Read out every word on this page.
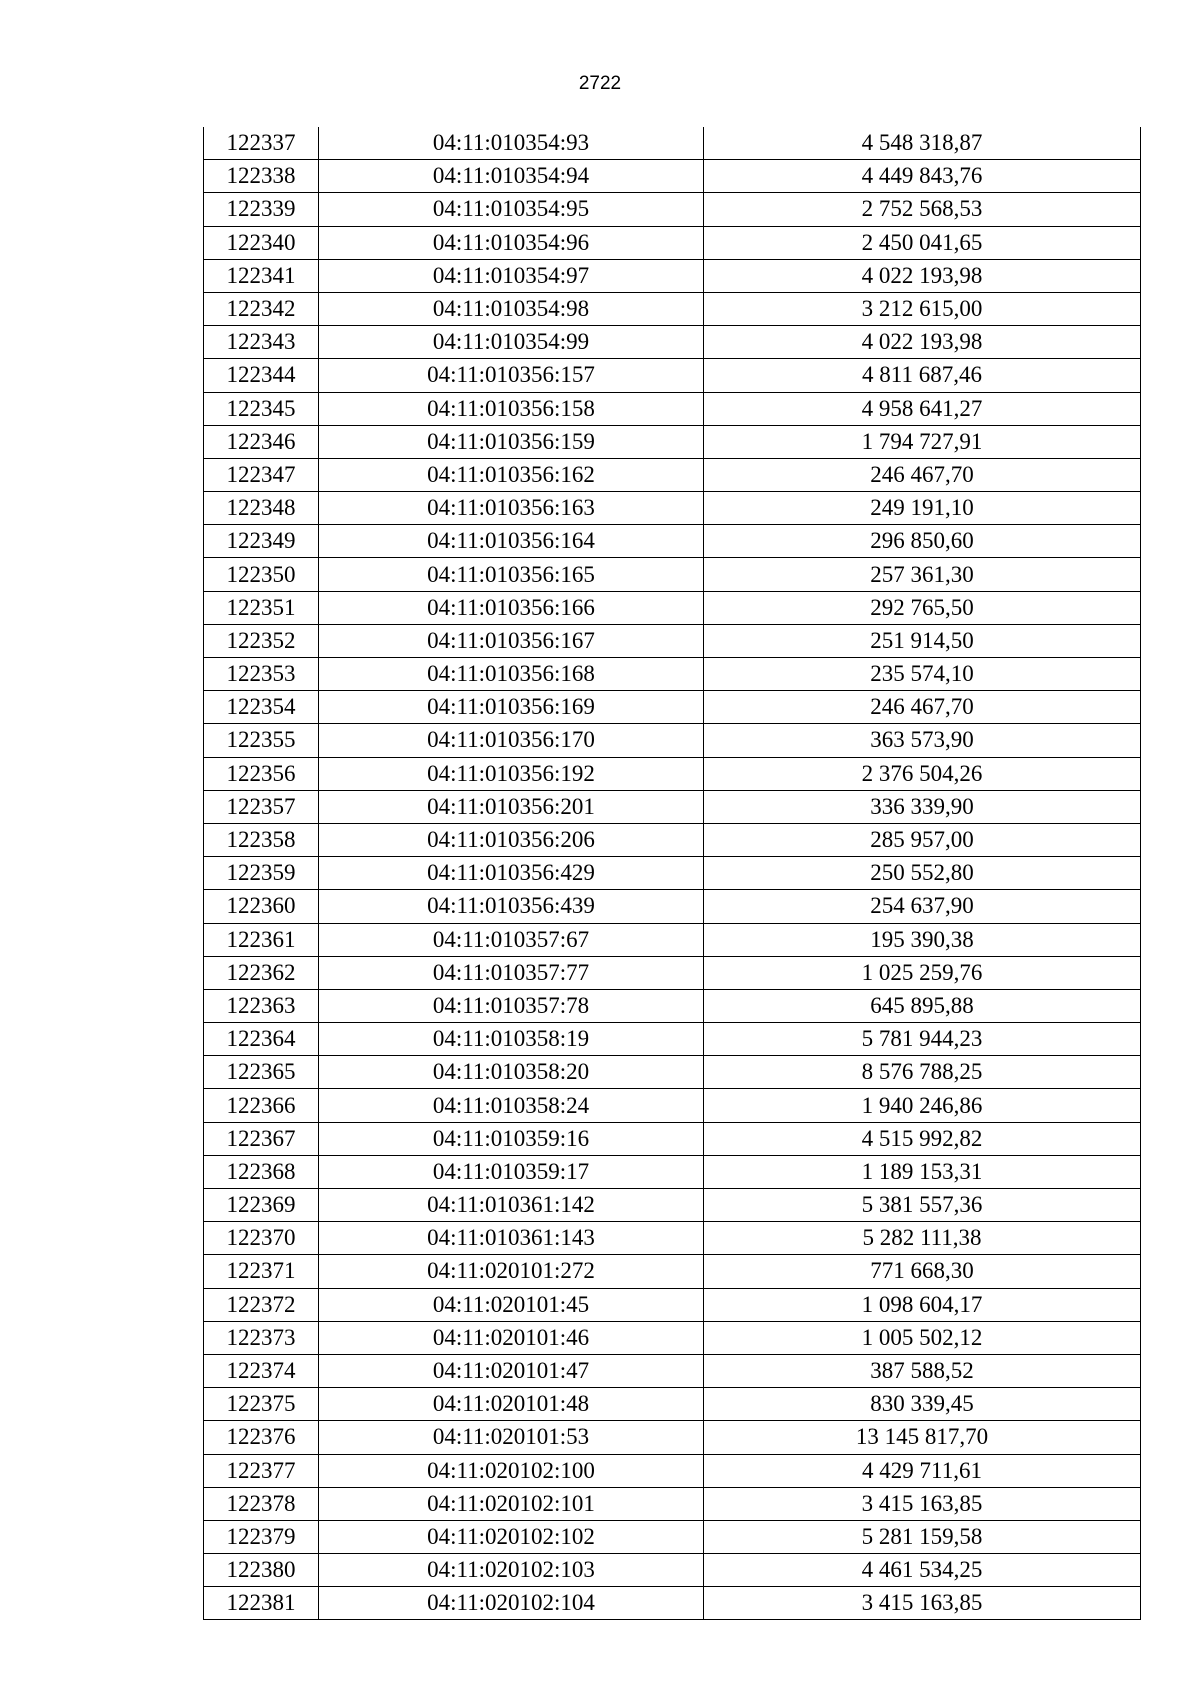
2722
122337	04:11:010354:93	4 548 318,87
122338	04:11:010354:94	4 449 843,76
122339	04:11:010354:95	2 752 568,53
122340	04:11:010354:96	2 450 041,65
122341	04:11:010354:97	4 022 193,98
122342	04:11:010354:98	3 212 615,00
122343	04:11:010354:99	4 022 193,98
122344	04:11:010356:157	4 811 687,46
122345	04:11:010356:158	4 958 641,27
122346	04:11:010356:159	1 794 727,91
122347	04:11:010356:162	246 467,70
122348	04:11:010356:163	249 191,10
122349	04:11:010356:164	296 850,60
122350	04:11:010356:165	257 361,30
122351	04:11:010356:166	292 765,50
122352	04:11:010356:167	251 914,50
122353	04:11:010356:168	235 574,10
122354	04:11:010356:169	246 467,70
122355	04:11:010356:170	363 573,90
122356	04:11:010356:192	2 376 504,26
122357	04:11:010356:201	336 339,90
122358	04:11:010356:206	285 957,00
122359	04:11:010356:429	250 552,80
122360	04:11:010356:439	254 637,90
122361	04:11:010357:67	195 390,38
122362	04:11:010357:77	1 025 259,76
122363	04:11:010357:78	645 895,88
122364	04:11:010358:19	5 781 944,23
122365	04:11:010358:20	8 576 788,25
122366	04:11:010358:24	1 940 246,86
122367	04:11:010359:16	4 515 992,82
122368	04:11:010359:17	1 189 153,31
122369	04:11:010361:142	5 381 557,36
122370	04:11:010361:143	5 282 111,38
122371	04:11:020101:272	771 668,30
122372	04:11:020101:45	1 098 604,17
122373	04:11:020101:46	1 005 502,12
122374	04:11:020101:47	387 588,52
122375	04:11:020101:48	830 339,45
122376	04:11:020101:53	13 145 817,70
122377	04:11:020102:100	4 429 711,61
122378	04:11:020102:101	3 415 163,85
122379	04:11:020102:102	5 281 159,58
122380	04:11:020102:103	4 461 534,25
122381	04:11:020102:104	3 415 163,85
